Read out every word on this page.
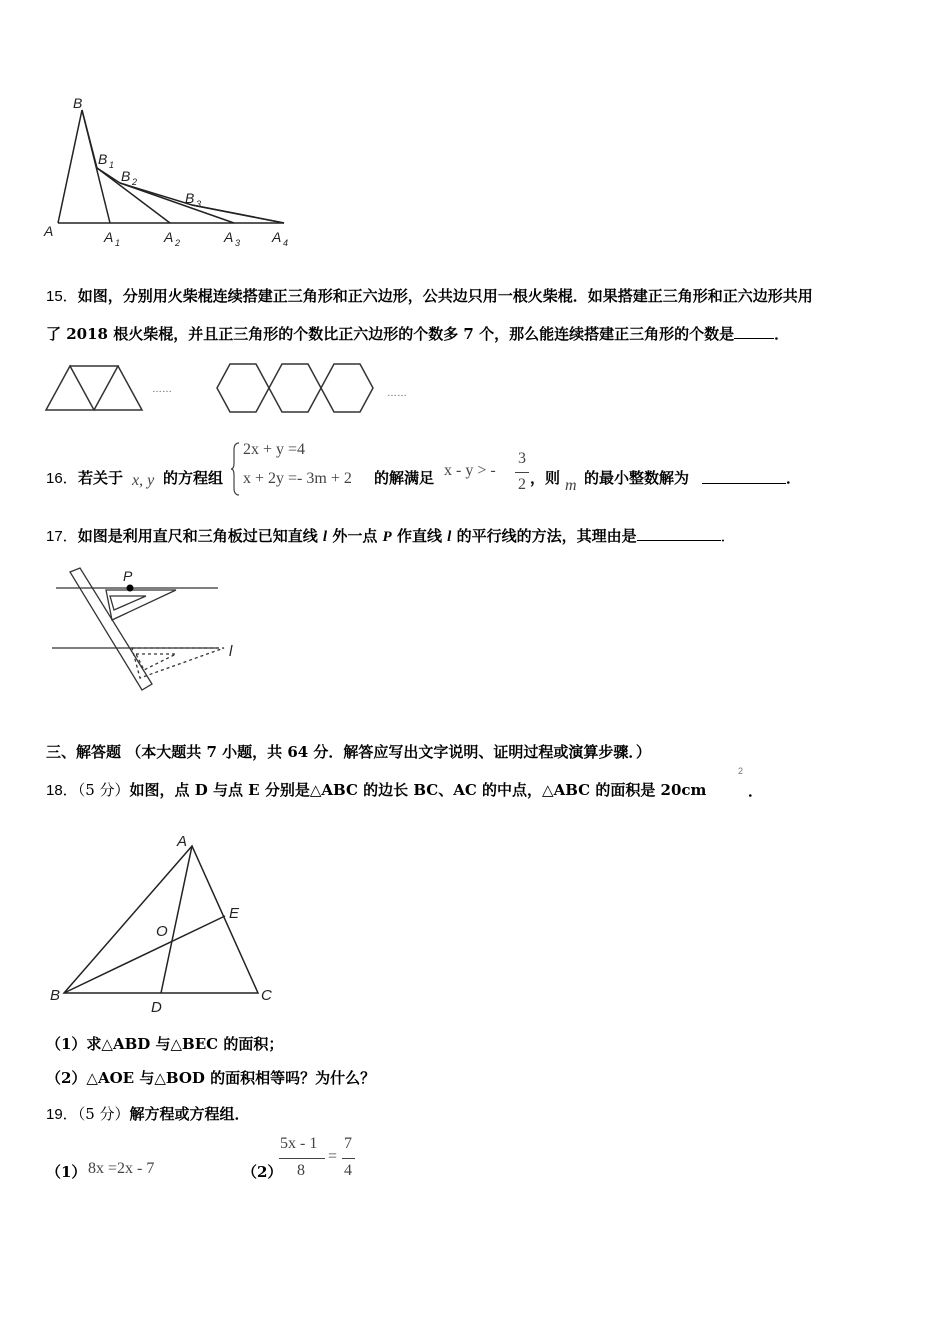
B
B 1
B 2
B 3
A	A 1	A 2	A 3 A 4
15．如图，分别用火柴棍连续搭建正三角形和正六边形，公共边只用一根火柴棍．如果搭建正三角形和正六边形共用
了 2018 根火柴棍，并且正三角形的个数比正六边形的个数多 7 个，那么能连续搭建正三角形的个数是	．
……	……
16． 若关于 x, y 的方程组
2x + y =4
x + 2y =- 3m + 2 的解满足 x - y > -
3
2 ，则 m 的最小整数解为	．
17．如图是利用直尺和三角板过已知直线 l 外一点 P 作直线 l 的平行线的方法，其理由是	．
P
l
三、解答题 （本大题共 7 小题，共 64 分．解答应写出文字说明、证明过程或演算步骤．）
18．（5 分）如图，点 D 与点 E 分别是△ABC 的边长 BC、AC 的中点，△ABC 的面积是 20cm
2
．
A
B	C
D
E
O
（1）求△ABD 与△BEC 的面积；
（2）△AOE 与△BOD 的面积相等吗？为什么？
19．（5 分）解方程或方程组．
（1） 8x =2x - 7	（2）
5x - 1
8
=
7
4
